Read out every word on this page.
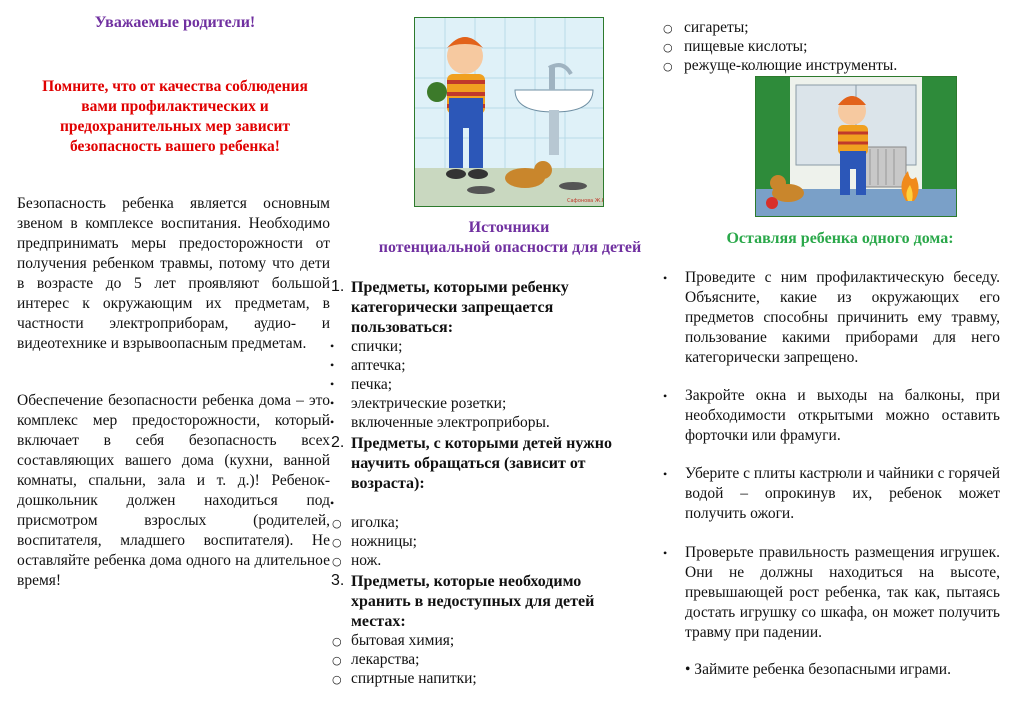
Уважаемые родители!
Помните, что от качества соблюдения вами профилактических и предохранительных мер зависит безопасность вашего ребенка!

Безопасность ребенка является основным звеном в комплексе воспитания. Необходимо предпринимать меры предосторожности от получения ребенком травмы, потому что дети в возрасте до 5 лет проявляют большой интерес к окружающим их предметам, в частности электроприборам, аудио- и видеотехнике и взрывоопасным предметам.

Обеспечение безопасности ребенка дома – это комплекс мер предосторожности, который включает в себя безопасность всех составляющих вашего дома (кухни, ванной комнаты, спальни, зала и т. д.)! Ребенок-дошкольник должен находиться под присмотром взрослых (родителей, воспитателя, младшего воспитателя). Не оставляйте ребенка дома одного на длительное время!

Сафонова Ж.К.
Источники
потенциальной опасности для детей
1. Предметы, которыми ребенку
категорически запрещается
пользоваться:
•
•
•
•
•
спички;
аптечка;
печка;
электрические розетки;
включенные электроприборы.
2. Предметы, с которыми детей нужно
научить обращаться (зависит от
возраста):
•
○
○
○
иголка;
ножницы;
нож.
3. Предметы, которые необходимо
хранить в недоступных для детей
местах:
○
○
○
бытовая химия;
лекарства;
спиртные напитки;
○
○
○
сигареты;
пищевые кислоты;
режуще-колющие инструменты.
Оставляя ребенка одного дома:
• Проведите с ним профилактическую беседу. Объясните, какие из окружающих его предметов способны причинить ему травму, пользование какими приборами для него категорически запрещено.
• Закройте окна и выходы на балконы, при необходимости открытыми можно оставить форточки или фрамуги.
• Уберите с плиты кастрюли и чайники с горячей водой – опрокинув их, ребенок может получить ожоги.
• Проверьте правильность размещения игрушек. Они не должны находиться на высоте, превышающей рост ребенка, так как, пытаясь достать игрушку со шкафа, он может получить травму при падении.
• Займите ребенка безопасными играми.
